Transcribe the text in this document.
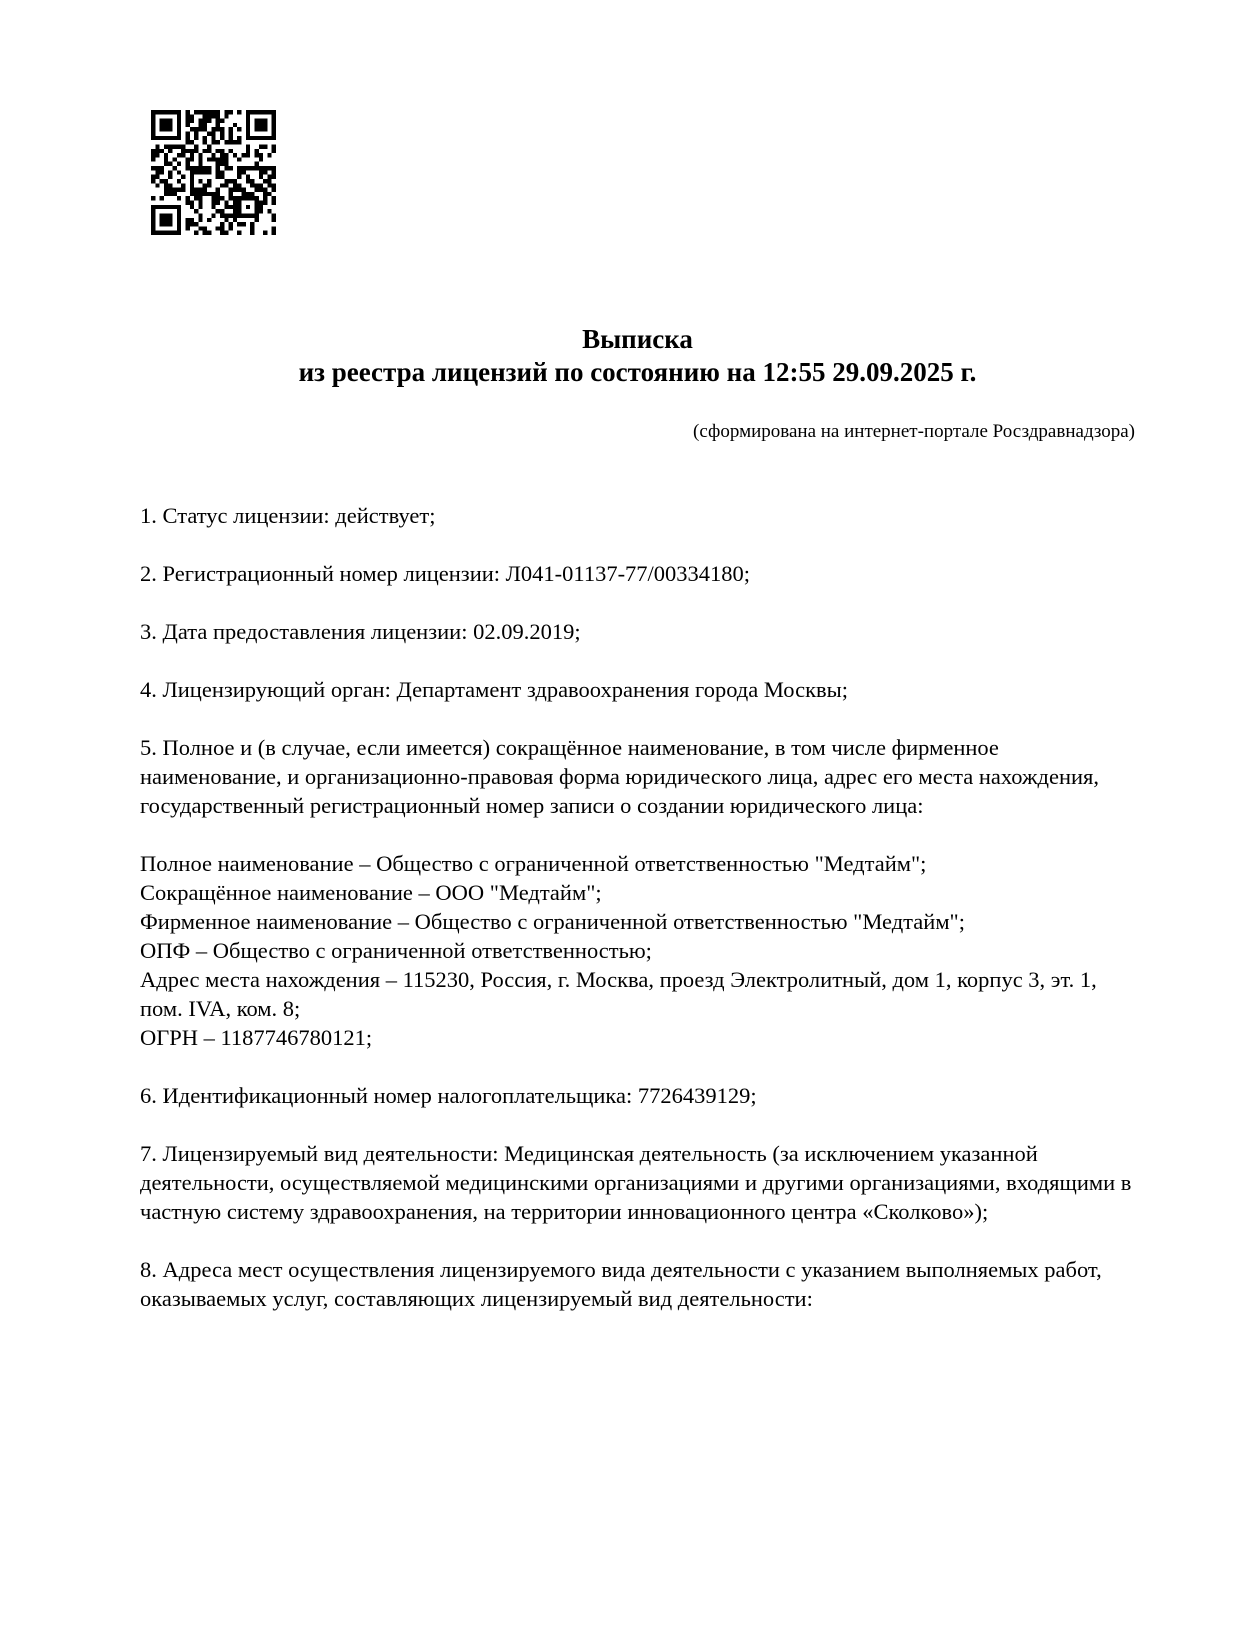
Выписка
из реестра лицензий по состоянию на 12:55 29.09.2025 г.
(сформирована на интернет-портале Росздравнадзора)
1. Статус лицензии: действует;
2. Регистрационный номер лицензии: Л041-01137-77/00334180;
3. Дата предоставления лицензии: 02.09.2019;
4. Лицензирующий орган: Департамент здравоохранения города Москвы;
5. Полное и (в случае, если имеется) сокращённое наименование, в том числе фирменное наименование, и организационно-правовая форма юридического лица, адрес его места нахождения, государственный регистрационный номер записи о создании юридического лица:
Полное наименование – Общество с ограниченной ответственностью "Медтайм";
Сокращённое наименование – ООО "Медтайм";
Фирменное наименование – Общество с ограниченной ответственностью "Медтайм";
ОПФ – Общество с ограниченной ответственностью;
Адрес места нахождения – 115230, Россия, г. Москва, проезд Электролитный, дом 1, корпус 3, эт. 1, пом. IVA, ком. 8;
ОГРН – 1187746780121;
6. Идентификационный номер налогоплательщика: 7726439129;
7. Лицензируемый вид деятельности: Медицинская деятельность (за исключением указанной деятельности, осуществляемой медицинскими организациями и другими организациями, входящими в частную систему здравоохранения, на территории инновационного центра «Сколково»);
8. Адреса мест осуществления лицензируемого вида деятельности с указанием выполняемых работ, оказываемых услуг, составляющих лицензируемый вид деятельности:
